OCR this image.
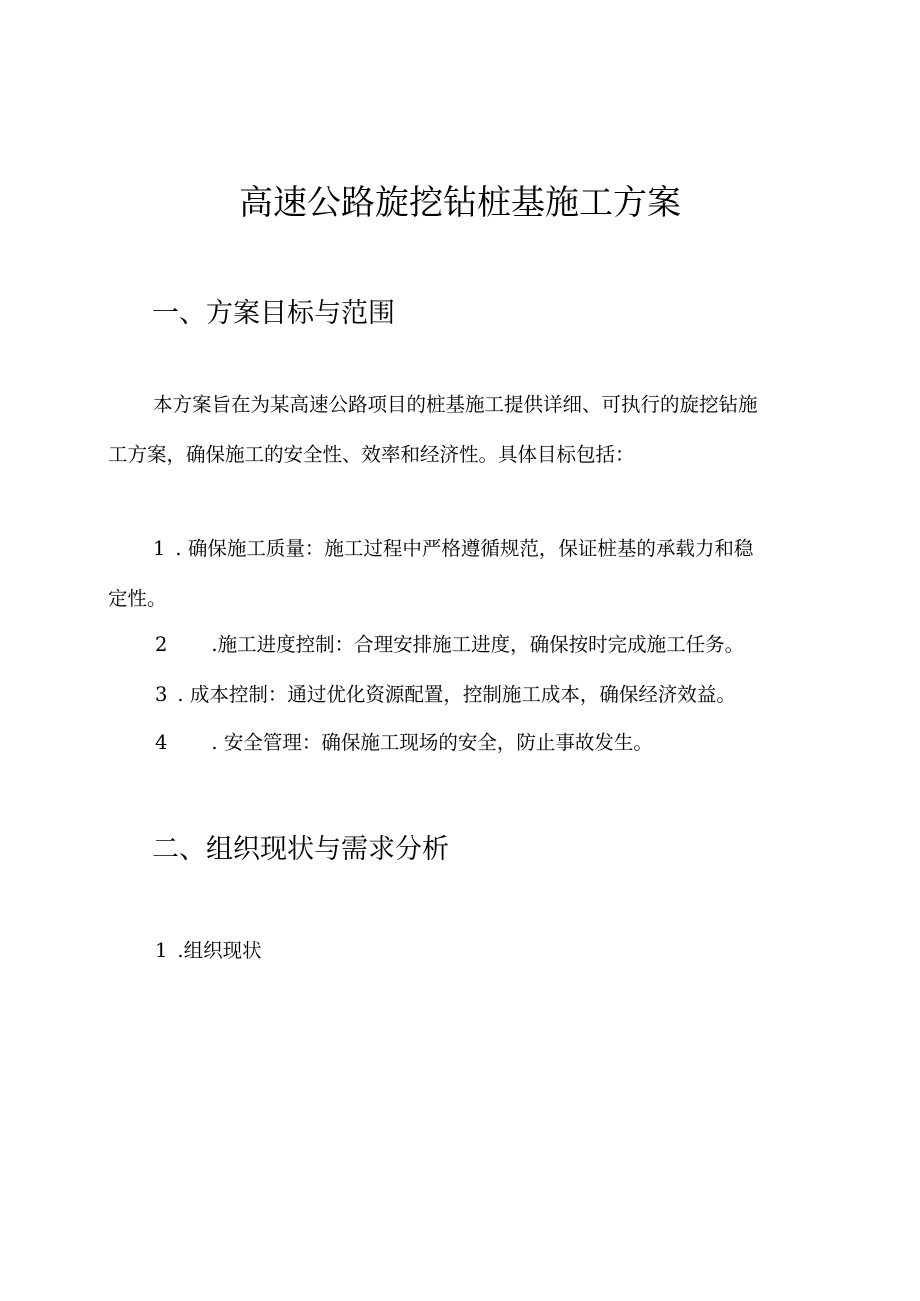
高速公路旋挖钻桩基施工方案
一、方案目标与范围
本方案旨在为某高速公路项目的桩基施工提供详细、可执行的旋挖钻施
工方案，确保施工的安全性、效率和经济性。具体目标包括：
1 . 确保施工质量：施工过程中严格遵循规范，保证桩基的承载力和稳
定性。
2 .施工进度控制：合理安排施工进度，确保按时完成施工任务。
3 . 成本控制：通过优化资源配置，控制施工成本，确保经济效益。
4 . 安全管理：确保施工现场的安全，防止事故发生。
二、组织现状与需求分析
1 .组织现状
